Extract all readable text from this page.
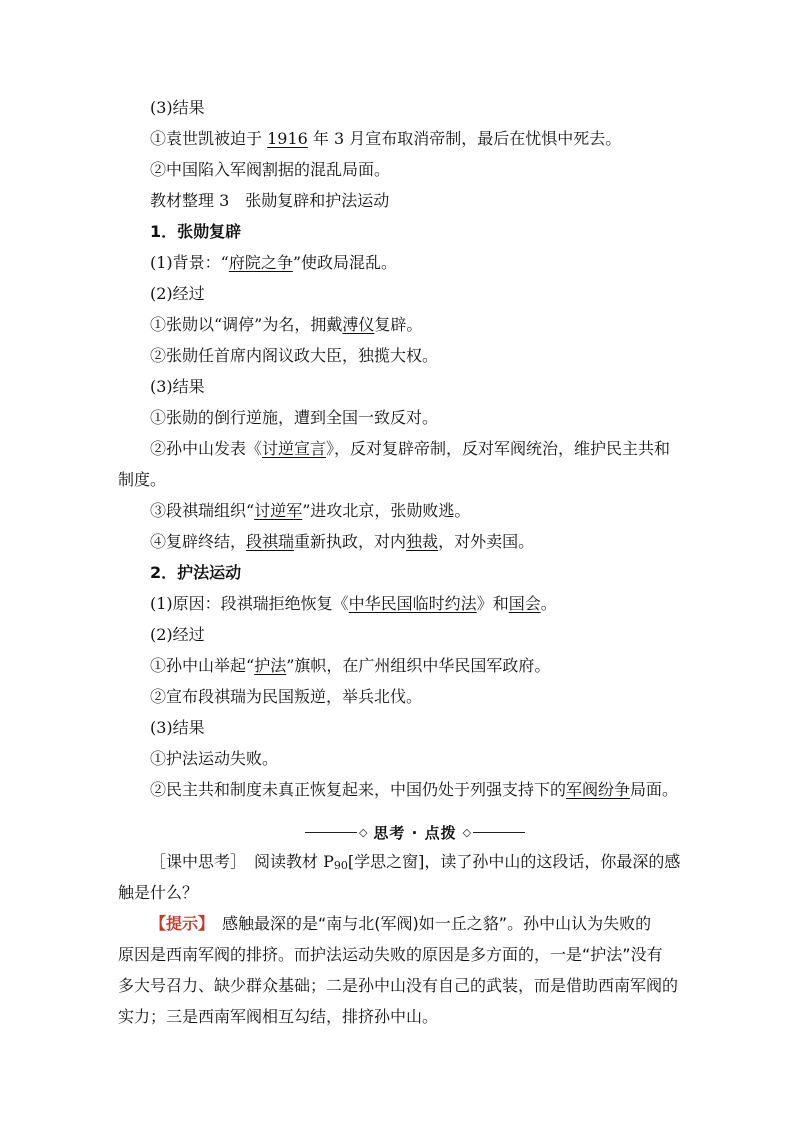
(3)结果
①袁世凯被迫于 1916 年 3 月宣布取消帝制，最后在忧惧中死去。
②中国陷入军阀割据的混乱局面。
教材整理 3　张勋复辟和护法运动
1．张勋复辟
(1)背景：“府院之争”使政局混乱。
(2)经过
①张勋以“调停”为名，拥戴溥仪复辟。
②张勋任首席内阁议政大臣，独揽大权。
(3)结果
①张勋的倒行逆施，遭到全国一致反对。
②孙中山发表《讨逆宣言》，反对复辟帝制，反对军阀统治，维护民主共和
制度。
③段祺瑞组织“讨逆军”进攻北京，张勋败逃。
④复辟终结，段祺瑞重新执政，对内独裁，对外卖国。
2．护法运动
(1)原因：段祺瑞拒绝恢复《中华民国临时约法》和国会。
(2)经过
①孙中山举起“护法”旗帜，在广州组织中华民国军政府。
②宣布段祺瑞为民国叛逆，举兵北伐。
(3)结果
①护法运动失败。
②民主共和制度未真正恢复起来，中国仍处于列强支持下的军阀纷争局面。
◇ 思考 · 点拨 ◇
［课中思考］　阅读教材 P90[学思之窗]，读了孙中山的这段话，你最深的感
触是什么？
【提示】　感触最深的是“南与北(军阀)如一丘之貉”。孙中山认为失败的
原因是西南军阀的排挤。而护法运动失败的原因是多方面的，一是“护法”没有
多大号召力、缺少群众基础；二是孙中山没有自己的武装，而是借助西南军阀的
实力；三是西南军阀相互勾结，排挤孙中山。
